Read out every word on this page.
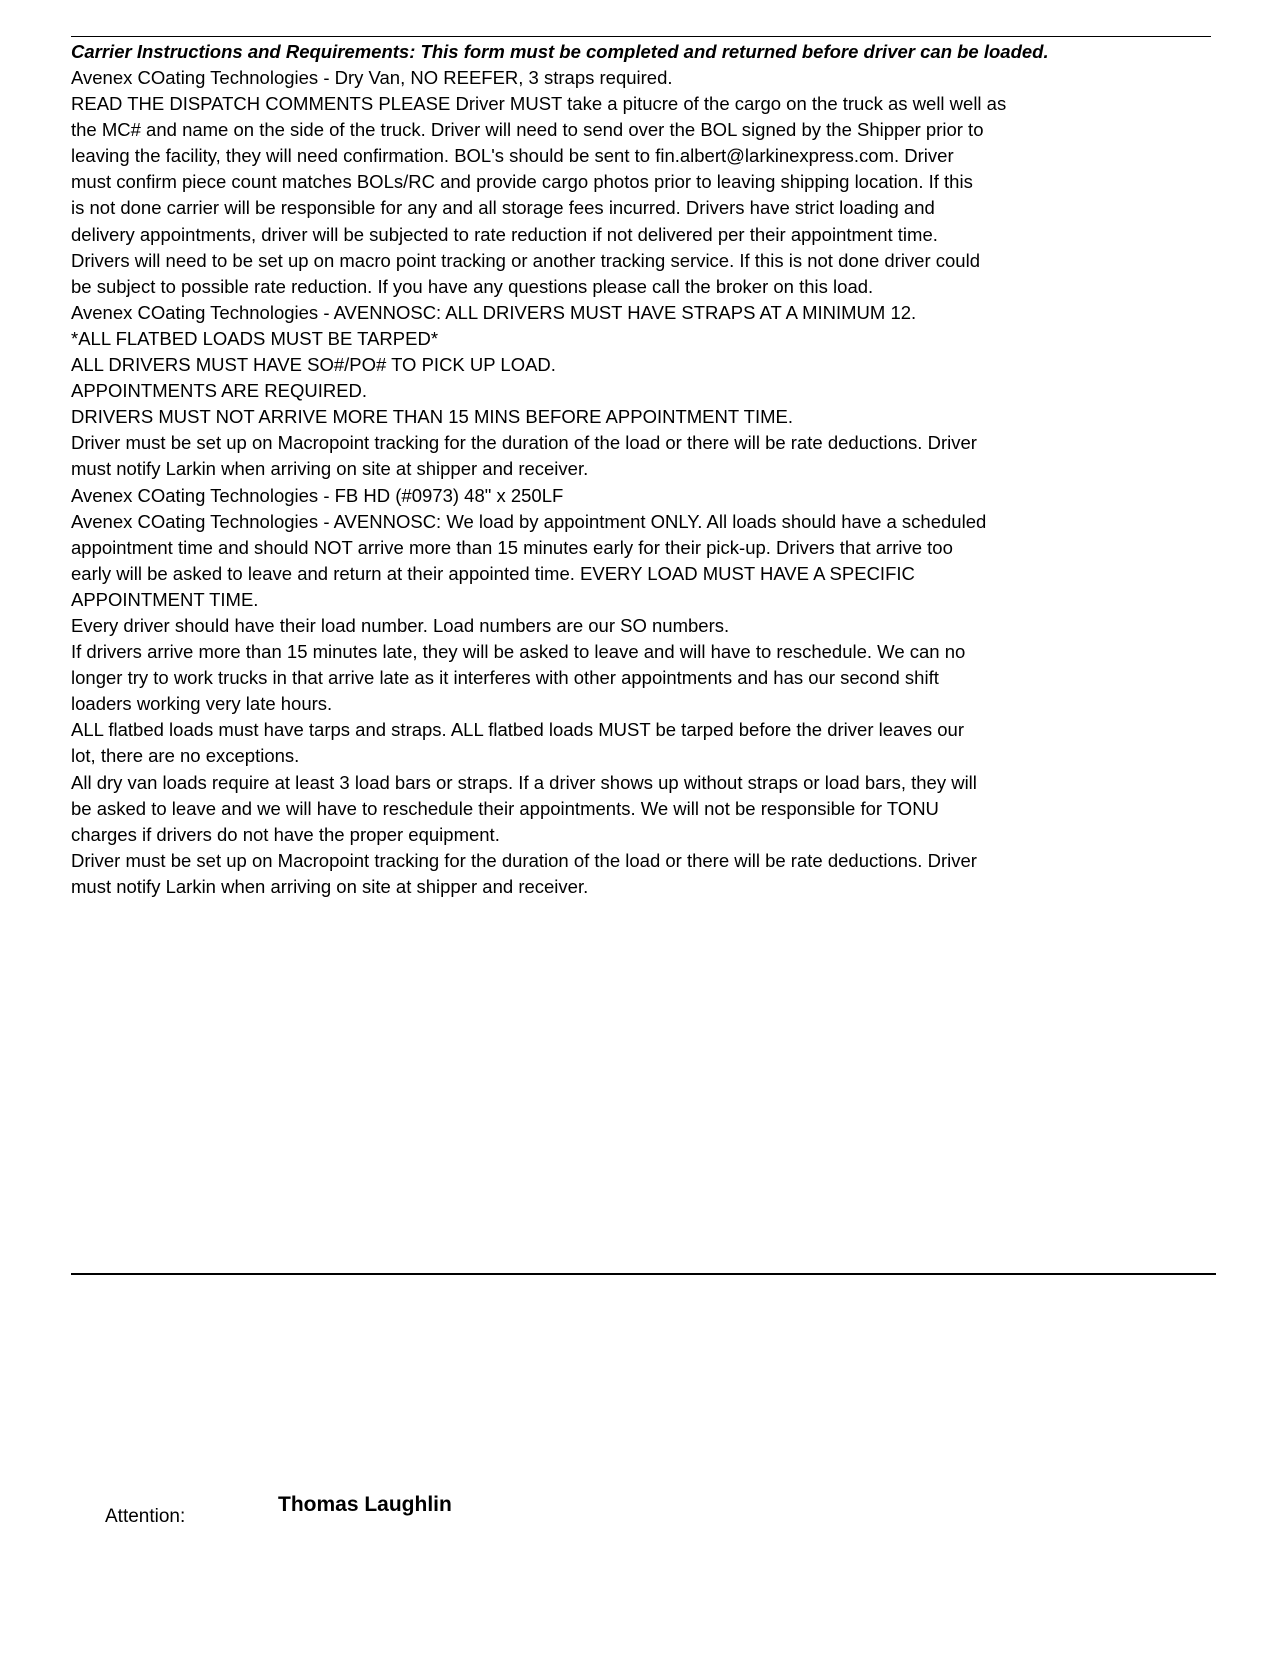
Carrier Instructions and Requirements: This form must be completed and returned before driver can be loaded.
Avenex COating Technologies - Dry Van, NO REEFER, 3 straps required.
READ THE DISPATCH COMMENTS PLEASE Driver MUST take a pitucre of the cargo on the truck as well well as
the MC# and name on the side of the truck. Driver will need to send over the BOL signed by the Shipper prior to
leaving the facility, they will need confirmation. BOL's should be sent to fin.albert@larkinexpress.com. Driver
must confirm piece count matches BOLs/RC and provide cargo photos prior to leaving shipping location. If this
is not done carrier will be responsible for any and all storage fees incurred. Drivers have strict loading and
delivery appointments, driver will be subjected to rate reduction if not delivered per their appointment time.
Drivers will need to be set up on macro point tracking or another tracking service. If this is not done driver could
be subject to possible rate reduction. If you have any questions please call the broker on this load.
Avenex COating Technologies - AVENNOSC: ALL DRIVERS MUST HAVE STRAPS AT A MINIMUM 12.
*ALL FLATBED LOADS MUST BE TARPED*
ALL DRIVERS MUST HAVE SO#/PO# TO PICK UP LOAD.
APPOINTMENTS ARE REQUIRED.
DRIVERS MUST NOT ARRIVE MORE THAN 15 MINS BEFORE APPOINTMENT TIME.
Driver must be set up on Macropoint tracking for the duration of the load or there will be rate deductions. Driver
must notify Larkin when arriving on site at shipper and receiver.
Avenex COating Technologies - FB HD (#0973) 48" x 250LF
Avenex COating Technologies - AVENNOSC: We load by appointment ONLY. All loads should have a scheduled
appointment time and should NOT arrive more than 15 minutes early for their pick-up. Drivers that arrive too
early will be asked to leave and return at their appointed time. EVERY LOAD MUST HAVE A SPECIFIC
APPOINTMENT TIME.
Every driver should have their load number. Load numbers are our SO numbers.
If drivers arrive more than 15 minutes late, they will be asked to leave and will have to reschedule. We can no
longer try to work trucks in that arrive late as it interferes with other appointments and has our second shift
loaders working very late hours.
ALL flatbed loads must have tarps and straps. ALL flatbed loads MUST be tarped before the driver leaves our
lot, there are no exceptions.
All dry van loads require at least 3 load bars or straps. If a driver shows up without straps or load bars, they will
be asked to leave and we will have to reschedule their appointments. We will not be responsible for TONU
charges if drivers do not have the proper equipment.
Driver must be set up on Macropoint tracking for the duration of the load or there will be rate deductions. Driver
must notify Larkin when arriving on site at shipper and receiver.
Attention:
Thomas Laughlin
